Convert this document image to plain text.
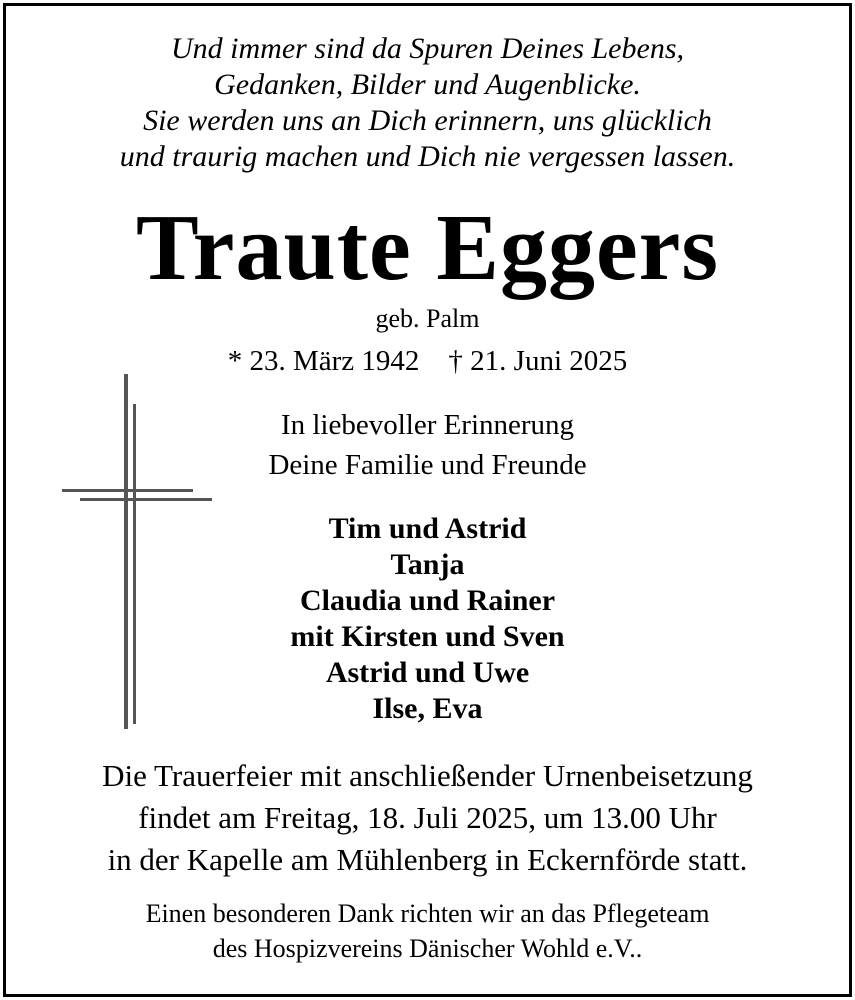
Und immer sind da Spuren Deines Lebens,
Gedanken, Bilder und Augenblicke.
Sie werden uns an Dich erinnern, uns glücklich
und traurig machen und Dich nie vergessen lassen.
Traute Eggers
geb. Palm
* 23. März 1942 † 21. Juni 2025
In liebevoller Erinnerung
Deine Familie und Freunde
Tim und Astrid
Tanja
Claudia und Rainer
mit Kirsten und Sven
Astrid und Uwe
Ilse, Eva
Die Trauerfeier mit anschließender Urnenbeisetzung
findet am Freitag, 18. Juli 2025, um 13.00 Uhr
in der Kapelle am Mühlenberg in Eckernförde statt.
Einen besonderen Dank richten wir an das Pflegeteam
des Hospizvereins Dänischer Wohld e.V..
